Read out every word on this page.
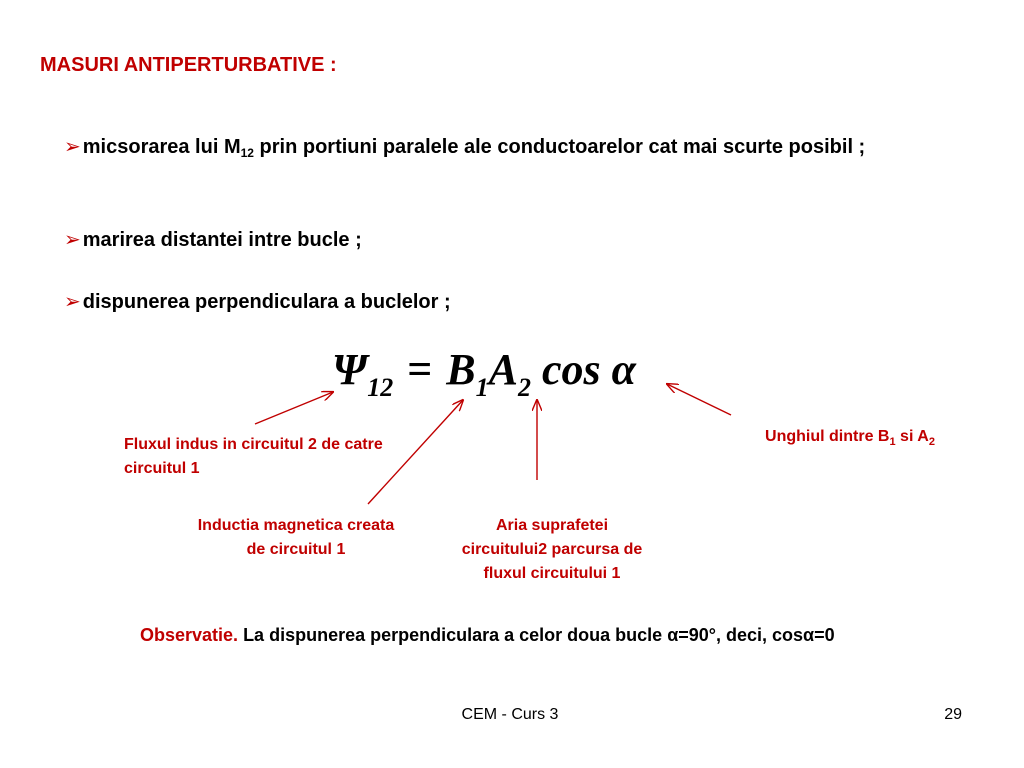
MASURI ANTIPERTURBATIVE :
➢ micsorarea lui $M_{12}$ prin portiuni paralele ale conductoarelor cat mai scurte posibil ;
➢ marirea distantei intre bucle ;
➢ dispunerea perpendiculara a buclelor ;
$\Psi_{12} = B_1A_2$ cos α
Fluxul indus in circuitul 2 de catre circuitul 1
Inductia magnetica creata de circuitul 1
Aria suprafetei circuitului2 parcursa de fluxul circuitului 1
Unghiul dintre $B_1$ si $A_2$
Observatie. La dispunerea perpendiculara a celor doua bucle α=90°, deci, cosα=0
CEM - Curs 3	29
